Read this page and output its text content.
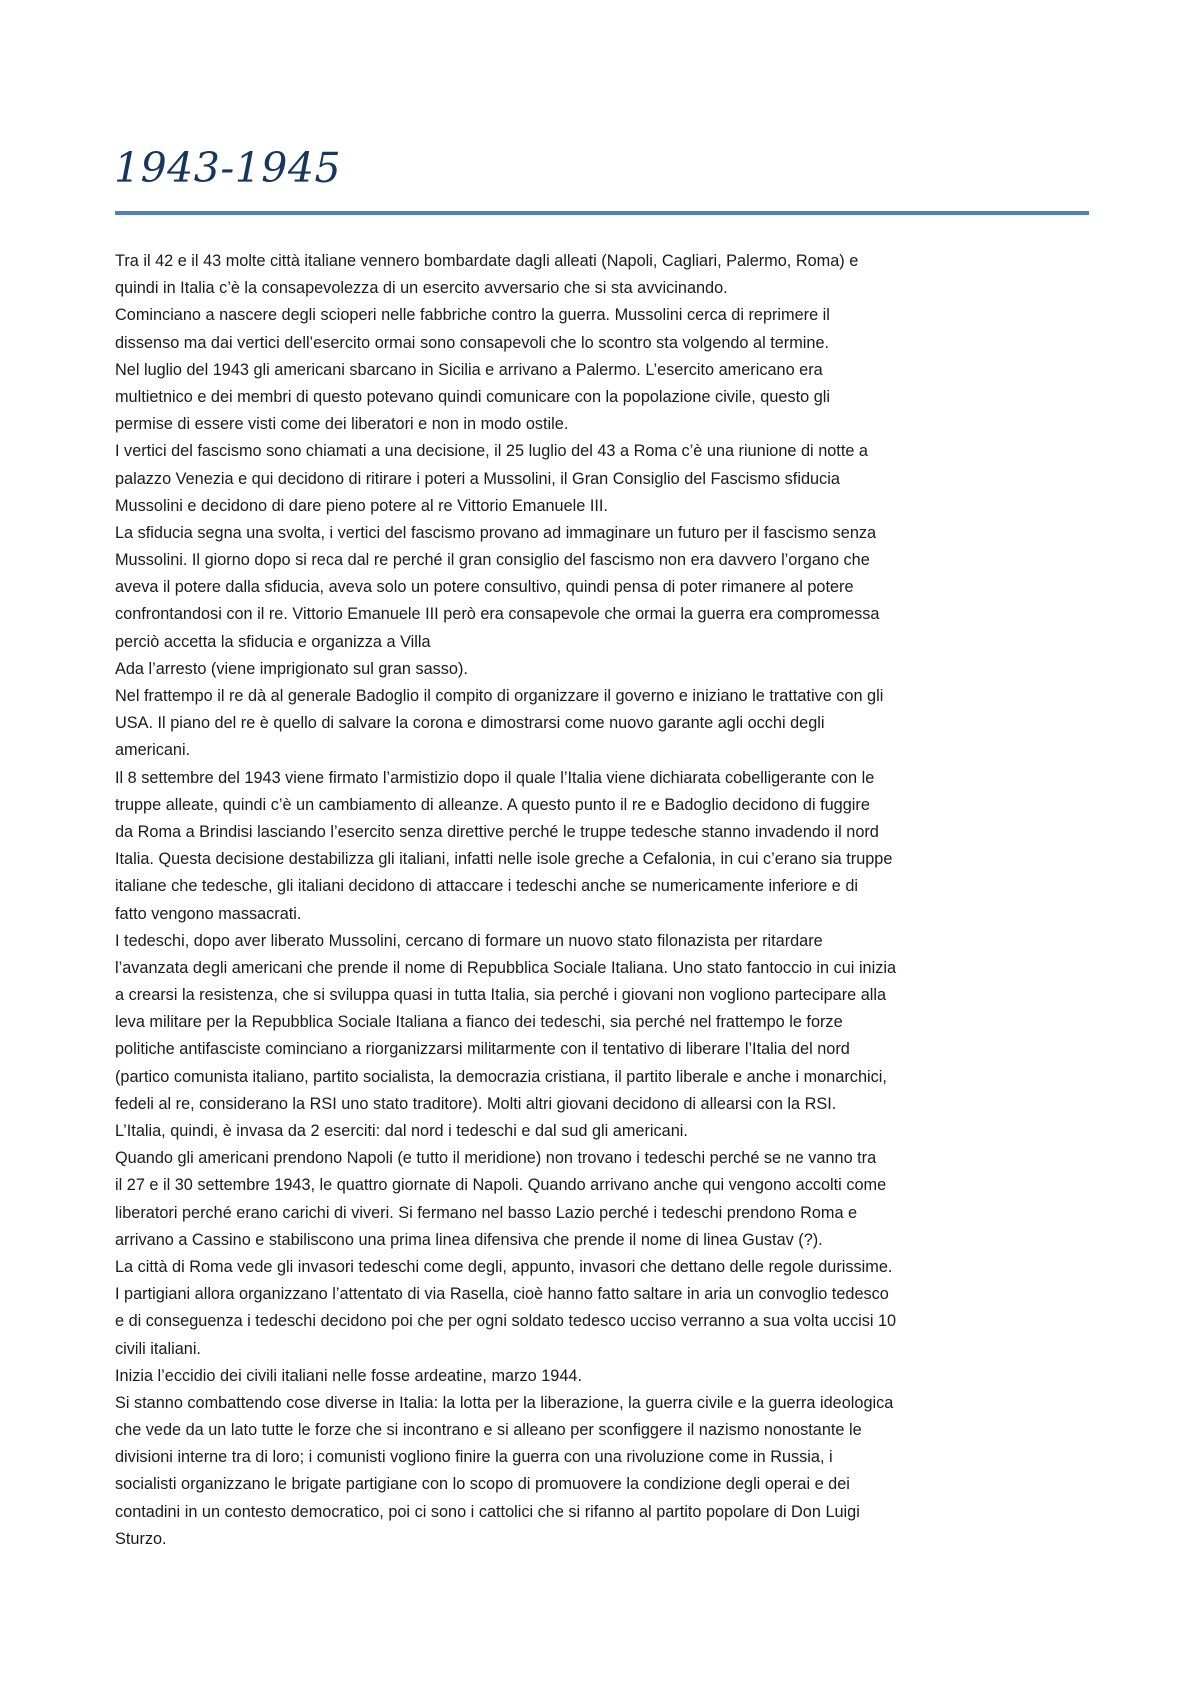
1943-1945
Tra il 42 e il 43 molte città italiane vennero bombardate dagli alleati (Napoli, Cagliari, Palermo, Roma) e
quindi in Italia c’è la consapevolezza di un esercito avversario che si sta avvicinando.
Cominciano a nascere degli scioperi nelle fabbriche contro la guerra. Mussolini cerca di reprimere il
dissenso ma dai vertici dell’esercito ormai sono consapevoli che lo scontro sta volgendo al termine.
Nel luglio del 1943 gli americani sbarcano in Sicilia e arrivano a Palermo. L’esercito americano era
multietnico e dei membri di questo potevano quindi comunicare con la popolazione civile, questo gli
permise di essere visti come dei liberatori e non in modo ostile.
I vertici del fascismo sono chiamati a una decisione, il 25 luglio del 43 a Roma c’è una riunione di notte a
palazzo Venezia e qui decidono di ritirare i poteri a Mussolini, il Gran Consiglio del Fascismo sfiducia
Mussolini e decidono di dare pieno potere al re Vittorio Emanuele III.
La sfiducia segna una svolta, i vertici del fascismo provano ad immaginare un futuro per il fascismo senza
Mussolini. Il giorno dopo si reca dal re perché il gran consiglio del fascismo non era davvero l’organo che
aveva il potere dalla sfiducia, aveva solo un potere consultivo, quindi pensa di poter rimanere al potere
confrontandosi con il re. Vittorio Emanuele III però era consapevole che ormai la guerra era compromessa
perciò accetta la sfiducia e organizza a Villa
Ada l’arresto (viene imprigionato sul gran sasso).
Nel frattempo il re dà al generale Badoglio il compito di organizzare il governo e iniziano le trattative con gli
USA. Il piano del re è quello di salvare la corona e dimostrarsi come nuovo garante agli occhi degli
americani.
Il 8 settembre del 1943 viene firmato l’armistizio dopo il quale l’Italia viene dichiarata cobelligerante con le
truppe alleate, quindi c’è un cambiamento di alleanze. A questo punto il re e Badoglio decidono di fuggire
da Roma a Brindisi lasciando l’esercito senza direttive perché le truppe tedesche stanno invadendo il nord
Italia. Questa decisione destabilizza gli italiani, infatti nelle isole greche a Cefalonia, in cui c’erano sia truppe
italiane che tedesche, gli italiani decidono di attaccare i tedeschi anche se numericamente inferiore e di
fatto vengono massacrati.
I tedeschi, dopo aver liberato Mussolini, cercano di formare un nuovo stato filonazista per ritardare
l’avanzata degli americani che prende il nome di Repubblica Sociale Italiana. Uno stato fantoccio in cui inizia
a crearsi la resistenza, che si sviluppa quasi in tutta Italia, sia perché i giovani non vogliono partecipare alla
leva militare per la Repubblica Sociale Italiana a fianco dei tedeschi, sia perché nel frattempo le forze
politiche antifasciste cominciano a riorganizzarsi militarmente con il tentativo di liberare l’Italia del nord
(partico comunista italiano, partito socialista, la democrazia cristiana, il partito liberale e anche i monarchici,
fedeli al re, considerano la RSI uno stato traditore). Molti altri giovani decidono di allearsi con la RSI.
L’Italia, quindi, è invasa da 2 eserciti: dal nord i tedeschi e dal sud gli americani.
Quando gli americani prendono Napoli (e tutto il meridione) non trovano i tedeschi perché se ne vanno tra
il 27 e il 30 settembre 1943, le quattro giornate di Napoli. Quando arrivano anche qui vengono accolti come
liberatori perché erano carichi di viveri. Si fermano nel basso Lazio perché i tedeschi prendono Roma e
arrivano a Cassino e stabiliscono una prima linea difensiva che prende il nome di linea Gustav (?).
La città di Roma vede gli invasori tedeschi come degli, appunto, invasori che dettano delle regole durissime.
I partigiani allora organizzano l’attentato di via Rasella, cioè hanno fatto saltare in aria un convoglio tedesco
e di conseguenza i tedeschi decidono poi che per ogni soldato tedesco ucciso verranno a sua volta uccisi 10
civili italiani.
Inizia l’eccidio dei civili italiani nelle fosse ardeatine, marzo 1944.
Si stanno combattendo cose diverse in Italia: la lotta per la liberazione, la guerra civile e la guerra ideologica
che vede da un lato tutte le forze che si incontrano e si alleano per sconfiggere il nazismo nonostante le
divisioni interne tra di loro; i comunisti vogliono finire la guerra con una rivoluzione come in Russia, i
socialisti organizzano le brigate partigiane con lo scopo di promuovere la condizione degli operai e dei
contadini in un contesto democratico, poi ci sono i cattolici che si rifanno al partito popolare di Don Luigi
Sturzo.
